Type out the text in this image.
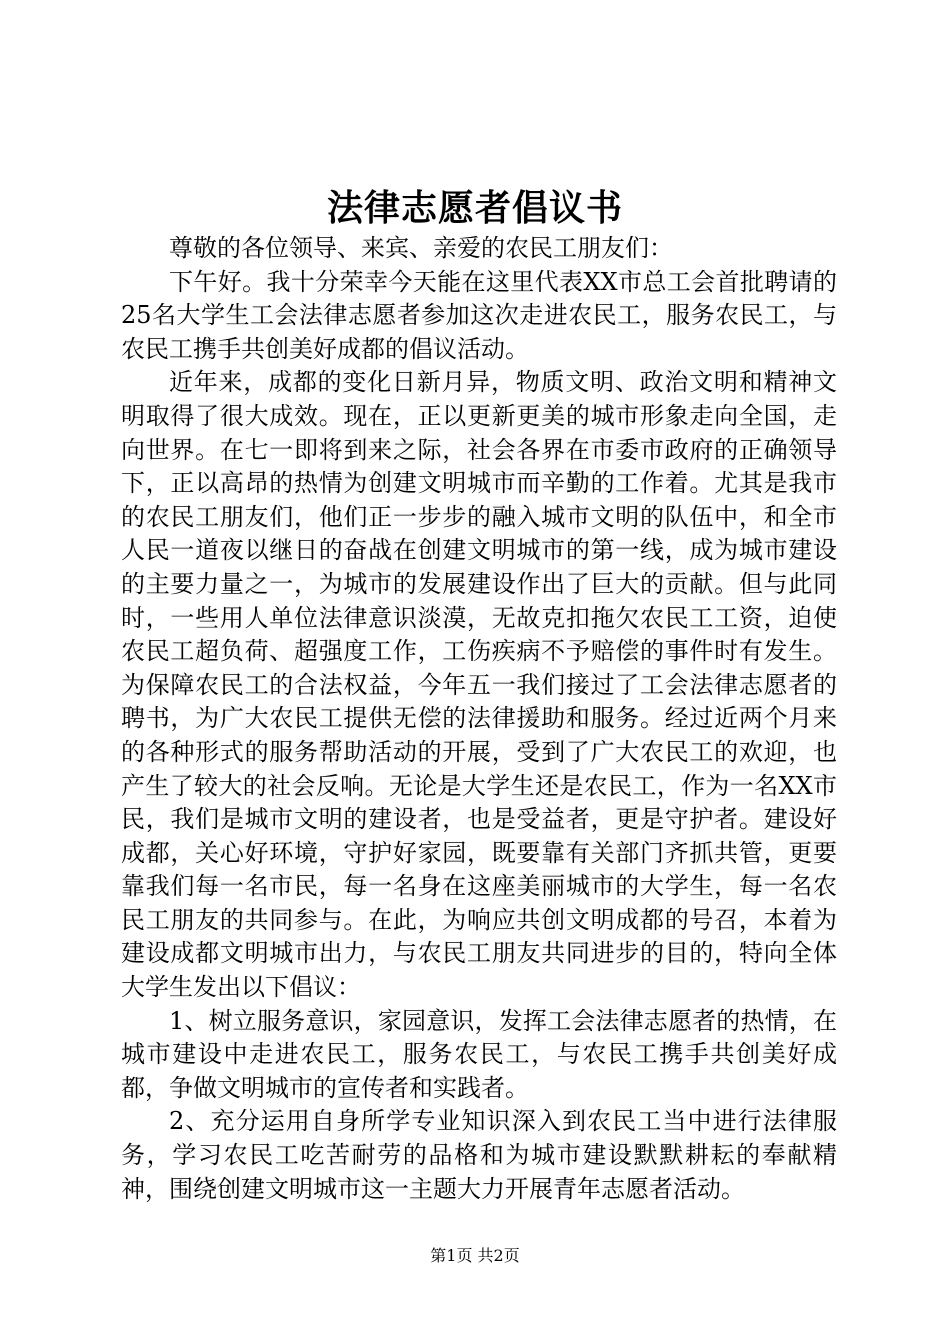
法律志愿者倡议书

尊敬的各位领导、来宾、亲爱的农民工朋友们：

下午好。我十分荣幸今天能在这里代表XX市总工会首批聘请的25名大学生工会法律志愿者参加这次走进农民工，服务农民工，与农民工携手共创美好成都的倡议活动。

近年来，成都的变化日新月异，物质文明、政治文明和精神文明取得了很大成效。现在，正以更新更美的城市形象走向全国，走向世界。在七一即将到来之际，社会各界在市委市政府的正确领导下，正以高昂的热情为创建文明城市而辛勤的工作着。尤其是我市的农民工朋友们，他们正一步步的融入城市文明的队伍中，和全市人民一道夜以继日的奋战在创建文明城市的第一线，成为城市建设的主要力量之一，为城市的发展建设作出了巨大的贡献。但与此同时，一些用人单位法律意识淡漠，无故克扣拖欠农民工工资，迫使农民工超负荷、超强度工作，工伤疾病不予赔偿的事件时有发生。为保障农民工的合法权益，今年五一我们接过了工会法律志愿者的聘书，为广大农民工提供无偿的法律援助和服务。经过近两个月来的各种形式的服务帮助活动的开展，受到了广大农民工的欢迎，也产生了较大的社会反响。无论是大学生还是农民工，作为一名XX市民，我们是城市文明的建设者，也是受益者，更是守护者。建设好成都，关心好环境，守护好家园，既要靠有关部门齐抓共管，更要靠我们每一名市民，每一名身在这座美丽城市的大学生，每一名农民工朋友的共同参与。在此，为响应共创文明成都的号召，本着为建设成都文明城市出力，与农民工朋友共同进步的目的，特向全体大学生发出以下倡议：

1、树立服务意识，家园意识，发挥工会法律志愿者的热情，在城市建设中走进农民工，服务农民工，与农民工携手共创美好成都，争做文明城市的宣传者和实践者。

2、充分运用自身所学专业知识深入到农民工当中进行法律服务，学习农民工吃苦耐劳的品格和为城市建设默默耕耘的奉献精神，围绕创建文明城市这一主题大力开展青年志愿者活动。

第1页 共2页
